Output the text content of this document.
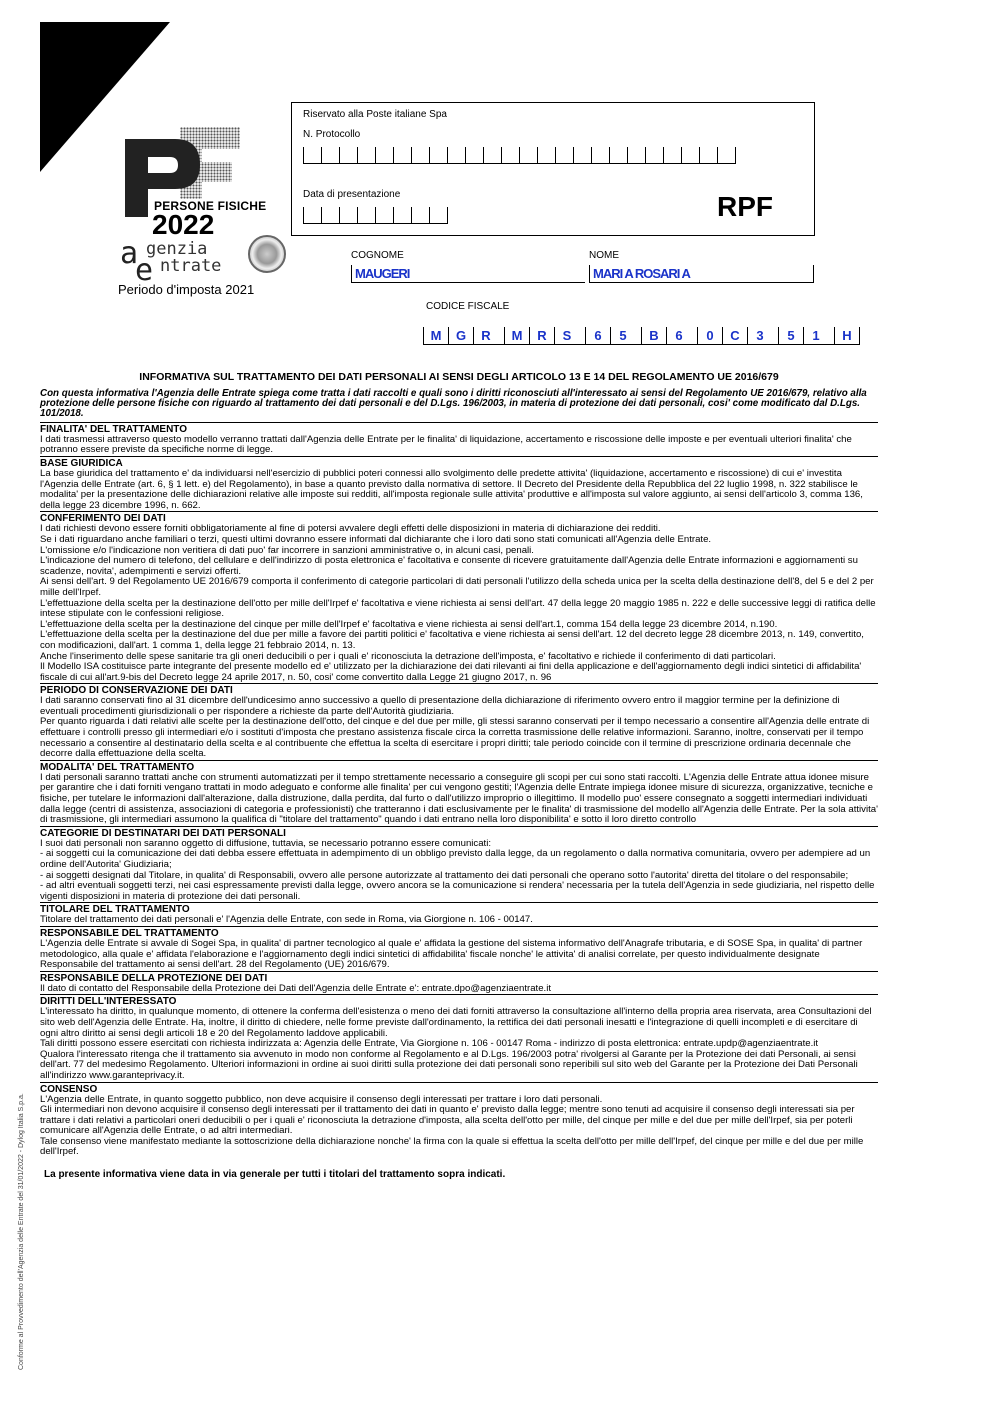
PERSONE FISICHE
2022
a genzia
e ntrate
Periodo d'imposta 2021
Riservato alla Poste italiane Spa
N. Protocollo
Data di presentazione	RPF
COGNOME
MAUGERI
NOME
MARI A ROSARI A
CODICE FISCALE
M	G	R	M	R	S	6	5	B	6	0	C	3	5	1	H
INFORMATIVA SUL TRATTAMENTO DEI DATI PERSONALI AI SENSI DEGLI ARTICOLO 13 E 14 DEL REGOLAMENTO UE 2016/679
Con questa informativa l'Agenzia delle Entrate spiega come tratta i dati raccolti e quali sono i diritti riconosciuti all'interessato ai sensi del Regolamento UE 2016/679, relativo alla protezione delle persone fisiche con riguardo al trattamento dei dati personali e del D.Lgs. 196/2003, in materia di protezione dei dati personali, cosi' come modificato dal D.Lgs. 101/2018.
FINALITA' DEL TRATTAMENTO

I dati trasmessi attraverso questo modello verranno trattati dall'Agenzia delle Entrate per le finalita' di liquidazione, accertamento e riscossione delle imposte e per eventuali ulteriori finalita' che potranno essere previste da specifiche norme di legge.

BASE GIURIDICA

La base giuridica del trattamento e' da individuarsi nell'esercizio di pubblici poteri connessi allo svolgimento delle predette attivita' (liquidazione, accertamento e riscossione) di cui e' investita l'Agenzia delle Entrate (art. 6, § 1 lett. e) del Regolamento), in base a quanto previsto dalla normativa di settore. Il Decreto del Presidente della Repubblica del 22 luglio 1998, n. 322 stabilisce le modalita' per la presentazione delle dichiarazioni relative alle imposte sui redditi, all'imposta regionale sulle attivita' produttive e all'imposta sul valore aggiunto, ai sensi dell'articolo 3, comma 136, della legge 23 dicembre 1996, n. 662.

CONFERIMENTO DEI DATI

I dati richiesti devono essere forniti obbligatoriamente al fine di potersi avvalere degli effetti delle disposizioni in materia di dichiarazione dei redditi.

Se i dati riguardano anche familiari o terzi, questi ultimi dovranno essere informati dal dichiarante che i loro dati sono stati comunicati all'Agenzia delle Entrate.

L'omissione e/o l'indicazione non veritiera di dati puo' far incorrere in sanzioni amministrative o, in alcuni casi, penali.

L'indicazione del numero di telefono, del cellulare e dell'indirizzo di posta elettronica e' facoltativa e consente di ricevere gratuitamente dall'Agenzia delle Entrate informazioni e aggiornamenti su scadenze, novita', adempimenti e servizi offerti.

Ai sensi dell'art. 9 del Regolamento UE 2016/679 comporta il conferimento di categorie particolari di dati personali l'utilizzo della scheda unica per la scelta della destinazione dell'8, del 5 e del 2 per mille dell'Irpef.

L'effettuazione della scelta per la destinazione dell'otto per mille dell'Irpef e' facoltativa e viene richiesta ai sensi dell'art. 47 della legge 20 maggio 1985 n. 222 e delle successive leggi di ratifica delle intese stipulate con le confessioni religiose.

L'effettuazione della scelta per la destinazione del cinque per mille dell'Irpef e' facoltativa e viene richiesta ai sensi dell'art.1, comma 154 della legge 23 dicembre 2014, n.190.

L'effettuazione della scelta per la destinazione del due per mille a favore dei partiti politici e' facoltativa e viene richiesta ai sensi dell'art. 12 del decreto legge 28 dicembre 2013, n. 149, convertito, con modificazioni, dall'art. 1 comma 1, della legge 21 febbraio 2014, n. 13.

Anche l'inserimento delle spese sanitarie tra gli oneri deducibili o per i quali e' riconosciuta la detrazione dell'imposta, e' facoltativo e richiede il conferimento di dati particolari.

Il Modello ISA costituisce parte integrante del presente modello ed e' utilizzato per la dichiarazione dei dati rilevanti ai fini della applicazione e dell'aggiornamento degli indici sintetici di affidabilita' fiscale di cui all'art.9-bis del Decreto legge 24 aprile 2017, n. 50, cosi' come convertito dalla Legge 21 giugno 2017, n. 96

PERIODO DI CONSERVAZIONE DEI DATI

I dati saranno conservati fino al 31 dicembre dell'undicesimo anno successivo a quello di presentazione della dichiarazione di riferimento ovvero entro il maggior termine per la definizione di eventuali procedimenti giurisdizionali o per rispondere a richieste da parte dell'Autorità giudiziaria.

Per quanto riguarda i dati relativi alle scelte per la destinazione dell'otto, del cinque e del due per mille, gli stessi saranno conservati per il tempo necessario a consentire all'Agenzia delle entrate di effettuare i controlli presso gli intermediari e/o i sostituti d'imposta che prestano assistenza fiscale circa la corretta trasmissione delle relative informazioni. Saranno, inoltre, conservati per il tempo necessario a consentire al destinatario della scelta e al contribuente che effettua la scelta di esercitare i propri diritti; tale periodo coincide con il termine di prescrizione ordinaria decennale che decorre dalla effettuazione della scelta.

MODALITA' DEL TRATTAMENTO

I dati personali saranno trattati anche con strumenti automatizzati per il tempo strettamente necessario a conseguire gli scopi per cui sono stati raccolti. L'Agenzia delle Entrate attua idonee misure per garantire che i dati forniti vengano trattati in modo adeguato e conforme alle finalita' per cui vengono gestiti; l'Agenzia delle Entrate impiega idonee misure di sicurezza, organizzative, tecniche e fisiche, per tutelare le informazioni dall'alterazione, dalla distruzione, dalla perdita, dal furto o dall'utilizzo improprio o illegittimo. Il modello puo' essere consegnato a soggetti intermediari individuati dalla legge (centri di assistenza, associazioni di categoria e professionisti) che tratteranno i dati esclusivamente per le finalita' di trasmissione del modello all'Agenzia delle Entrate. Per la sola attivita' di trasmissione, gli intermediari assumono la qualifica di "titolare del trattamento" quando i dati entrano nella loro disponibilita' e sotto il loro diretto controllo

CATEGORIE DI DESTINATARI DEI DATI PERSONALI

I suoi dati personali non saranno oggetto di diffusione, tuttavia, se necessario potranno essere comunicati:

- ai soggetti cui la comunicazione dei dati debba essere effettuata in adempimento di un obbligo previsto dalla legge, da un regolamento o dalla normativa comunitaria, ovvero per adempiere ad un ordine dell'Autorita' Giudiziaria;

- ai soggetti designati dal Titolare, in qualita' di Responsabili, ovvero alle persone autorizzate al trattamento dei dati personali che operano sotto l'autorita' diretta del titolare o del responsabile;

- ad altri eventuali soggetti terzi, nei casi espressamente previsti dalla legge, ovvero ancora se la comunicazione si rendera' necessaria per la tutela dell'Agenzia in sede giudiziaria, nel rispetto delle vigenti disposizioni in materia di protezione dei dati personali.

TITOLARE DEL TRATTAMENTO

Titolare del trattamento dei dati personali e' l'Agenzia delle Entrate, con sede in Roma, via Giorgione n. 106 - 00147.

RESPONSABILE DEL TRATTAMENTO

L'Agenzia delle Entrate si avvale di Sogei Spa, in qualita' di partner tecnologico al quale e' affidata la gestione del sistema informativo dell'Anagrafe tributaria, e di SOSE Spa, in qualita' di partner metodologico, alla quale e' affidata l'elaborazione e l'aggiornamento degli indici sintetici di affidabilita' fiscale nonche' le attivita' di analisi correlate, per questo individualmente designate Responsabile del trattamento ai sensi dell'art. 28 del Regolamento (UE) 2016/679.

RESPONSABILE DELLA PROTEZIONE DEI DATI

Il dato di contatto del Responsabile della Protezione dei Dati dell'Agenzia delle Entrate e': entrate.dpo@agenziaentrate.it

DIRITTI DELL'INTERESSATO

L'interessato ha diritto, in qualunque momento, di ottenere la conferma dell'esistenza o meno dei dati forniti attraverso la consultazione all'interno della propria area riservata, area Consultazioni del sito web dell'Agenzia delle Entrate. Ha, inoltre, il diritto di chiedere, nelle forme previste dall'ordinamento, la rettifica dei dati personali inesatti e l'integrazione di quelli incompleti e di esercitare di ogni altro diritto ai sensi degli articoli 18 e 20 del Regolamento laddove applicabili.

Tali diritti possono essere esercitati con richiesta indirizzata a: Agenzia delle Entrate, Via Giorgione n. 106 - 00147 Roma - indirizzo di posta elettronica: entrate.updp@agenziaentrate.it

Qualora l'interessato ritenga che il trattamento sia avvenuto in modo non conforme al Regolamento e al D.Lgs. 196/2003 potra' rivolgersi al Garante per la Protezione dei dati Personali, ai sensi dell'art. 77 del medesimo Regolamento. Ulteriori informazioni in ordine ai suoi diritti sulla protezione dei dati personali sono reperibili sul sito web del Garante per la Protezione dei Dati Personali all'indirizzo www.garanteprivacy.it.

CONSENSO

L'Agenzia delle Entrate, in quanto soggetto pubblico, non deve acquisire il consenso degli interessati per trattare i loro dati personali.

Gli intermediari non devono acquisire il consenso degli interessati per il trattamento dei dati in quanto e' previsto dalla legge; mentre sono tenuti ad acquisire il consenso degli interessati sia per trattare i dati relativi a particolari oneri deducibili o per i quali e' riconosciuta la detrazione d'imposta, alla scelta dell'otto per mille, del cinque per mille e del due per mille dell'Irpef, sia per poterli comunicare all'Agenzia delle Entrate, o ad altri intermediari.

Tale consenso viene manifestato mediante la sottoscrizione della dichiarazione nonche' la firma con la quale si effettua la scelta dell'otto per mille dell'Irpef, del cinque per mille e del due per mille dell'Irpef.

La presente informativa viene data in via generale per tutti i titolari del trattamento sopra indicati.
Conforme al Provvedimento dell'Agenzia delle Entrate del 31/01/2022 - Dylog Italia S.p.a.
